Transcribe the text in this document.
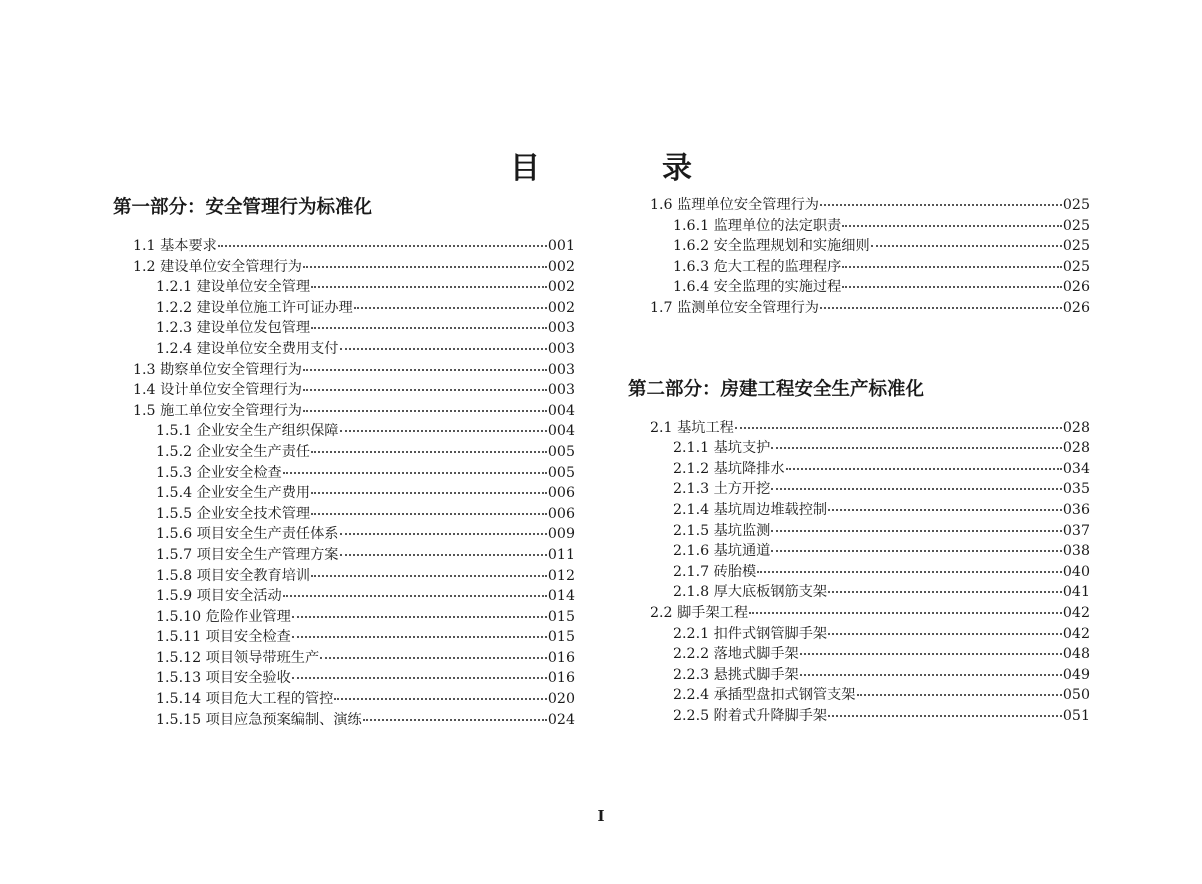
目　录
第一部分：安全管理行为标准化
1.1 基本要求	001
1.2 建设单位安全管理行为	002
1.2.1 建设单位安全管理	002
1.2.2 建设单位施工许可证办理	002
1.2.3 建设单位发包管理	003
1.2.4 建设单位安全费用支付	003
1.3 勘察单位安全管理行为	003
1.4 设计单位安全管理行为	003
1.5 施工单位安全管理行为	004
1.5.1 企业安全生产组织保障	004
1.5.2 企业安全生产责任	005
1.5.3 企业安全检查	005
1.5.4 企业安全生产费用	006
1.5.5 企业安全技术管理	006
1.5.6 项目安全生产责任体系	009
1.5.7 项目安全生产管理方案	011
1.5.8 项目安全教育培训	012
1.5.9 项目安全活动	014
1.5.10 危险作业管理	015
1.5.11 项目安全检查	015
1.5.12 项目领导带班生产	016
1.5.13 项目安全验收	016
1.5.14 项目危大工程的管控	020
1.5.15 项目应急预案编制、演练	024
1.6 监理单位安全管理行为	025
1.6.1 监理单位的法定职责	025
1.6.2 安全监理规划和实施细则	025
1.6.3 危大工程的监理程序	025
1.6.4 安全监理的实施过程	026
1.7 监测单位安全管理行为	026
第二部分：房建工程安全生产标准化
2.1 基坑工程	028
2.1.1 基坑支护	028
2.1.2 基坑降排水	034
2.1.3 土方开挖	035
2.1.4 基坑周边堆载控制	036
2.1.5 基坑监测	037
2.1.6 基坑通道	038
2.1.7 砖胎模	040
2.1.8 厚大底板钢筋支架	041
2.2 脚手架工程	042
2.2.1 扣件式钢管脚手架	042
2.2.2 落地式脚手架	048
2.2.3 悬挑式脚手架	049
2.2.4 承插型盘扣式钢管支架	050
2.2.5 附着式升降脚手架	051
I
